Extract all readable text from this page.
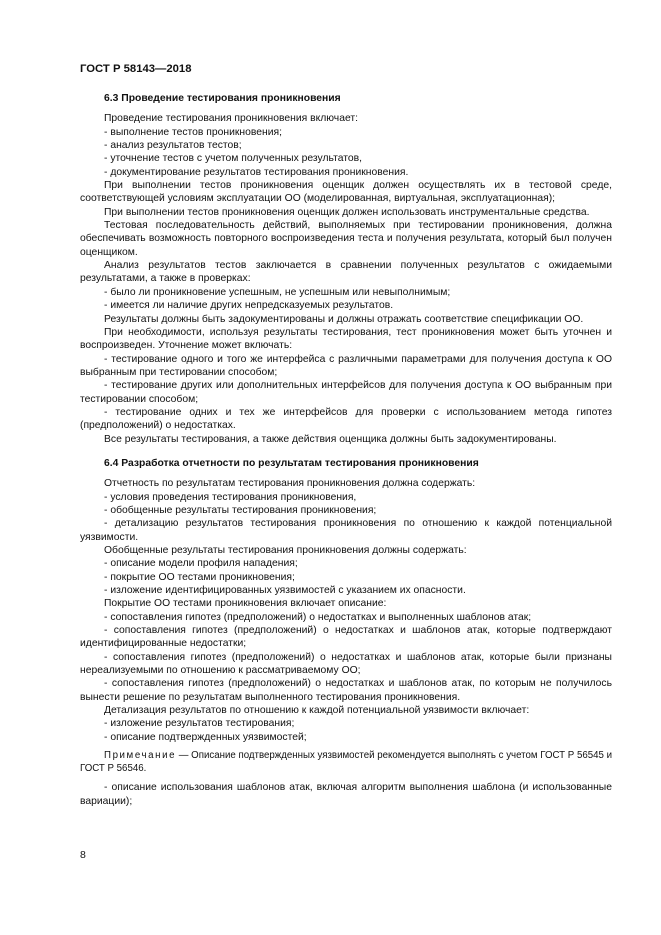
ГОСТ Р 58143—2018
6.3 Проведение тестирования проникновения

Проведение тестирования проникновения включает:

- выполнение тестов проникновения;

- анализ результатов тестов;

- уточнение тестов с учетом полученных результатов,

- документирование результатов тестирования проникновения.

При выполнении тестов проникновения оценщик должен осуществлять их в тестовой среде, соответствующей условиям эксплуатации ОО (моделированная, виртуальная, эксплуатационная);

При выполнении тестов проникновения оценщик должен использовать инструментальные средства.

Тестовая последовательность действий, выполняемых при тестировании проникновения, должна обеспечивать возможность повторного воспроизведения теста и получения результата, который был получен оценщиком.

Анализ результатов тестов заключается в сравнении полученных результатов с ожидаемыми результатами, а также в проверках:

- было ли проникновение успешным, не успешным или невыполнимым;

- имеется ли наличие других непредсказуемых результатов.

Результаты должны быть задокументированы и должны отражать соответствие спецификации ОО.

При необходимости, используя результаты тестирования, тест проникновения может быть уточнен и воспроизведен. Уточнение может включать:

- тестирование одного и того же интерфейса с различными параметрами для получения доступа к ОО выбранным при тестировании способом;

- тестирование других или дополнительных интерфейсов для получения доступа к ОО выбранным при тестировании способом;

- тестирование одних и тех же интерфейсов для проверки с использованием метода гипотез (предположений) о недостатках.

Все результаты тестирования, а также действия оценщика должны быть задокументированы.

6.4 Разработка отчетности по результатам тестирования проникновения

Отчетность по результатам тестирования проникновения должна содержать:

- условия проведения тестирования проникновения,

- обобщенные результаты тестирования проникновения;

- детализацию результатов тестирования проникновения по отношению к каждой потенциальной уязвимости.

Обобщенные результаты тестирования проникновения должны содержать:

- описание модели профиля нападения;

- покрытие ОО тестами проникновения;

- изложение идентифицированных уязвимостей с указанием их опасности.

Покрытие ОО тестами проникновения включает описание:

- сопоставления гипотез (предположений) о недостатках и выполненных шаблонов атак;

- сопоставления гипотез (предположений) о недостатках и шаблонов атак, которые подтверждают идентифицированные недостатки;

- сопоставления гипотез (предположений) о недостатках и шаблонов атак, которые были признаны нереализуемыми по отношению к рассматриваемому ОО;

- сопоставления гипотез (предположений) о недостатках и шаблонов атак, по которым не получилось вынести решение по результатам выполненного тестирования проникновения.

Детализация результатов по отношению к каждой потенциальной уязвимости включает:

- изложение результатов тестирования;

- описание подтвержденных уязвимостей;

Примечание — Описание подтвержденных уязвимостей рекомендуется выполнять с учетом ГОСТ Р 56545 и ГОСТ Р 56546.

- описание использования шаблонов атак, включая алгоритм выполнения шаблона (и использованные вариации);

8
